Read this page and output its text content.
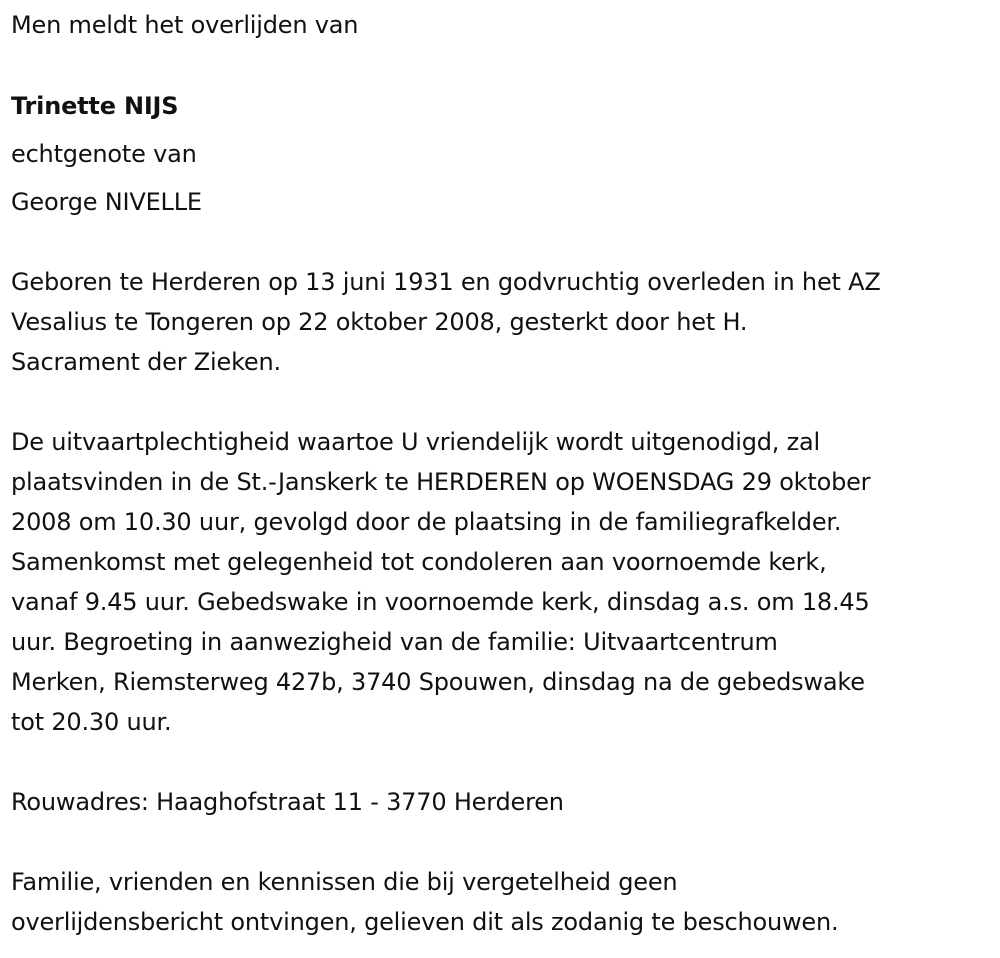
Men meldt het overlijden van
Trinette NIJS
echtgenote van
George NIVELLE
Geboren te Herderen op 13 juni 1931 en godvruchtig overleden in het AZ
Vesalius te Tongeren op 22 oktober 2008, gesterkt door het H.
Sacrament der Zieken.
De uitvaartplechtigheid waartoe U vriendelijk wordt uitgenodigd, zal
plaatsvinden in de St.-Janskerk te HERDEREN op WOENSDAG 29 oktober
2008 om 10.30 uur, gevolgd door de plaatsing in de familiegrafkelder.
Samenkomst met gelegenheid tot condoleren aan voornoemde kerk,
vanaf 9.45 uur. Gebedswake in voornoemde kerk, dinsdag a.s. om 18.45
uur. Begroeting in aanwezigheid van de familie: Uitvaartcentrum
Merken, Riemsterweg 427b, 3740 Spouwen, dinsdag na de gebedswake
tot 20.30 uur.
Rouwadres: Haaghofstraat 11 - 3770 Herderen
Familie, vrienden en kennissen die bij vergetelheid geen
overlijdensbericht ontvingen, gelieven dit als zodanig te beschouwen.
